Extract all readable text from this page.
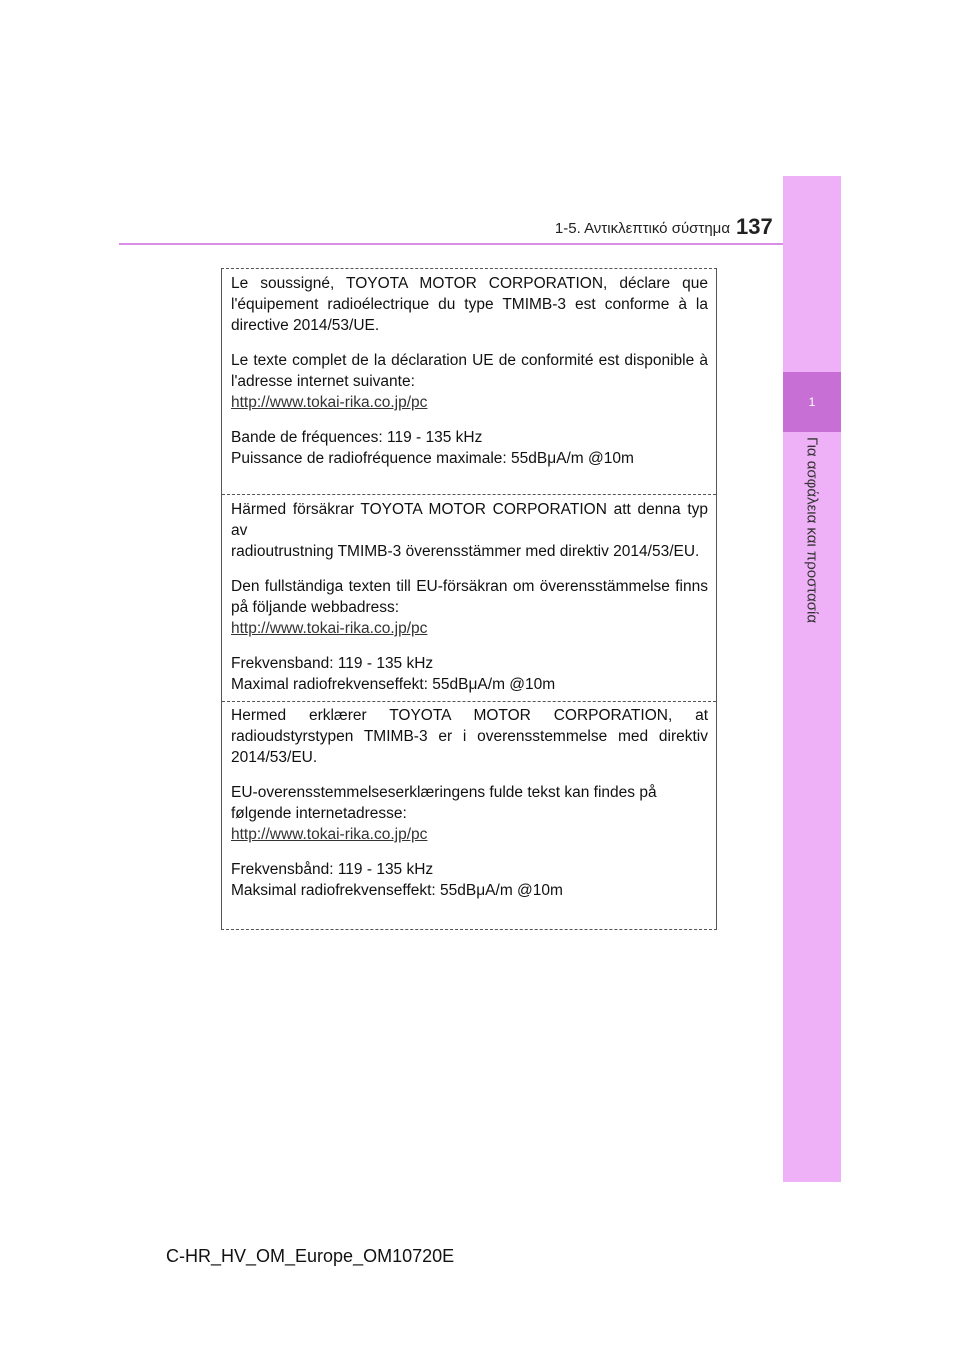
1
Για ασφάλεια και προστασία
1-5. Αντικλεπτικό σύστημα 137

Le soussigné, TOYOTA MOTOR CORPORATION, déclare que

l'équipement radioélectrique du type TMIMB-3 est conforme à la

directive 2014/53/UE.

Le texte complet de la déclaration UE de conformité est disponible à

l'adresse internet suivante:

http://www.tokai-rika.co.jp/pc

Bande de fréquences: 119 - 135 kHz

Puissance de radiofréquence maximale: 55dBμA/m @10m

Härmed försäkrar TOYOTA MOTOR CORPORATION att denna typ av

radioutrustning TMIMB-3 överensstämmer med direktiv 2014/53/EU.

Den fullständiga texten till EU-försäkran om överensstämmelse finns

på följande webbadress:

http://www.tokai-rika.co.jp/pc

Frekvensband: 119 - 135 kHz

Maximal radiofrekvenseffekt: 55dBμA/m @10m

Hermed erklærer TOYOTA MOTOR CORPORATION, at

radioudstyrstypen TMIMB-3 er i overensstemmelse med direktiv

2014/53/EU.

EU-overensstemmelseserklæringens fulde tekst kan findes på

følgende internetadresse:

http://www.tokai-rika.co.jp/pc

Frekvensbånd: 119 - 135 kHz

Maksimal radiofrekvenseffekt: 55dBμA/m @10m

C-HR_HV_OM_Europe_OM10720E
